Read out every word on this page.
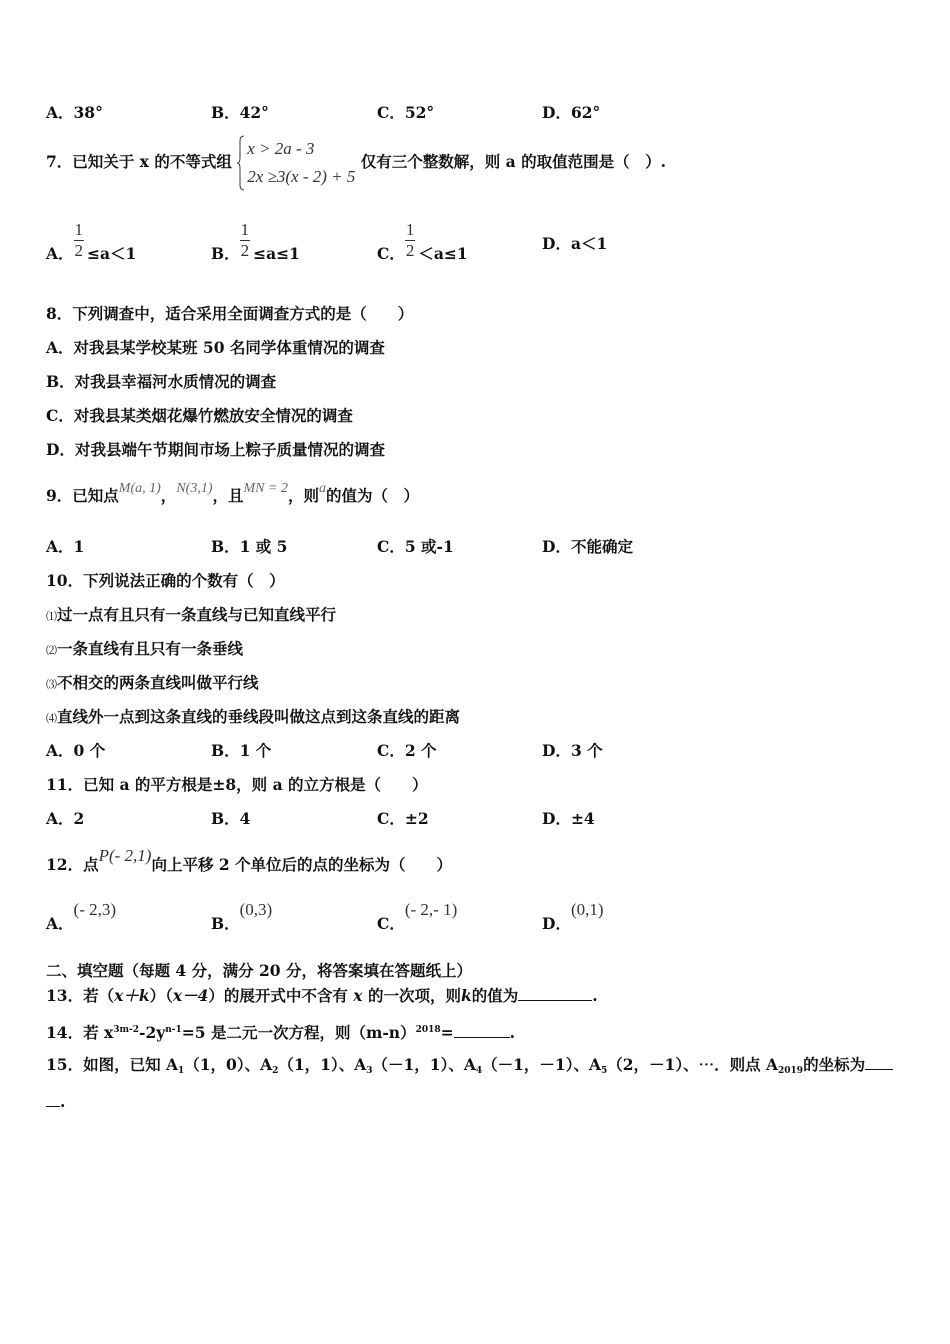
A．38°	B．42°	C．52°	D．62°
7．已知关于 x 的不等式组
x > 2a - 3
2x ≥3(x - 2) + 5
仅有三个整数解，则 a 的取值范围是（　）.
A． $\frac{1}{2} \le a<1$	B． $\frac{1}{2} \le a\le 1$	C． $\frac{1}{2} <a\le 1$	D．a＜1
8．下列调查中，适合采用全面调查方式的是（　　）
A．对我县某学校某班 50 名同学体重情况的调查
B．对我县幸福河水质情况的调查
C．对我县某类烟花爆竹燃放安全情况的调查
D．对我县端午节期间市场上粽子质量情况的调查
9．已知点M(a, 1)，N(3,1)，且MN = 2，则a的值为（　）
A．1	B．1 或 5	C．5 或-1	D．不能确定
10．下列说法正确的个数有（　）
⑴过一点有且只有一条直线与已知直线平行
⑵一条直线有且只有一条垂线
⑶不相交的两条直线叫做平行线
⑷直线外一点到这条直线的垂线段叫做这点到这条直线的距离
A．0 个	B．1 个	C．2 个	D．3 个
11．已知 a 的平方根是±8，则 a 的立方根是（　　）
A．2	B．4	C．±2	D．±4
12．点P(- 2,1)向上平移 2 个单位后的点的坐标为（　　）
A．(- 2,3)
B．(0,3)
C．(- 2,- 1)
D．(0,1)
二、填空题（每题 4 分，满分 20 分，将答案填在答题纸上）
13．若（x＋k）（x－4）的展开式中不含有 x 的一次项，则k的值为	.
14．若 $x^{3m-2}-2y^{n-1}=5$ 是二元一次方程，则$(m-n)^{2018}=$	.
15．如图，已知 $A_1(1$，0）、$A_2(1$，1）、$A_3(-1$，1）、$A_4(-1$，－1）、$A_5(2$，－1）、⋯．则点 $A_{2019}$的坐标为
.
